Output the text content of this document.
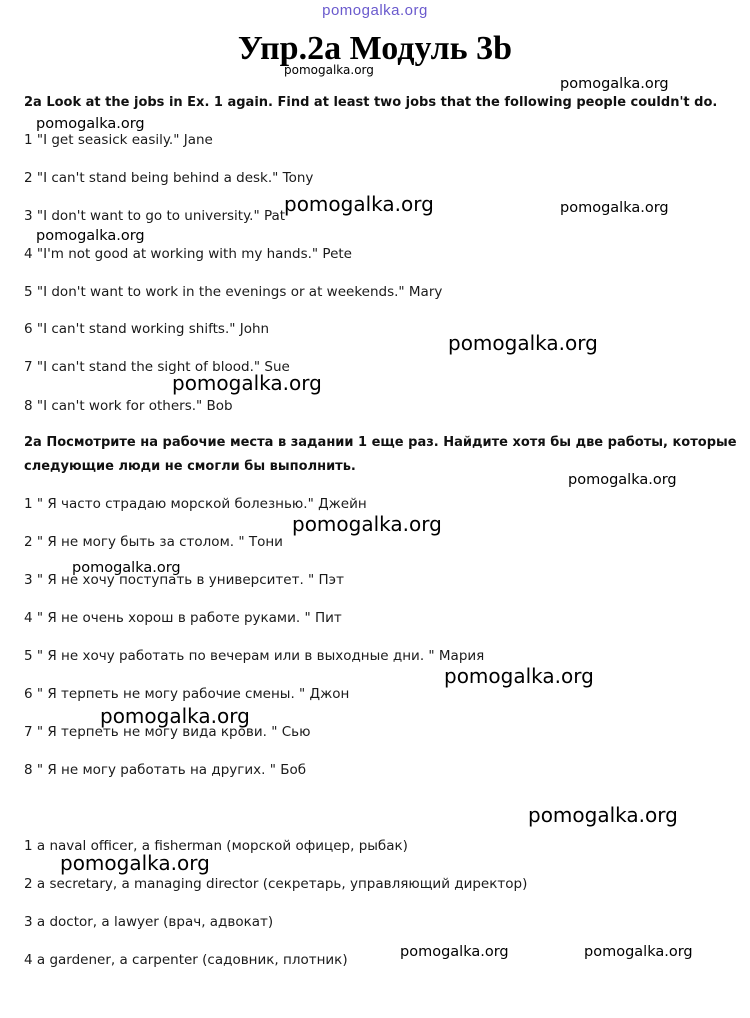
pomogalka.org
Упр.2a Модуль 3b
2a Look at the jobs in Ex. 1 again. Find at least two jobs that the following people couldn't do.
1 "I get seasick easily." Jane
2 "I can't stand being behind a desk." Tony
3 "I don't want to go to university." Pat
4 "I'm not good at working with my hands." Pete
5 "I don't want to work in the evenings or at weekends." Mary
6 "I can't stand working shifts." John
7 "I can't stand the sight of blood." Sue
8 "I can't work for others." Bob
2a Посмотрите на рабочие места в задании 1 еще раз. Найдите хотя бы две работы, которые
следующие люди не смогли бы выполнить.
1 " Я часто страдаю морской болезнью." Джейн
2 " Я не могу быть за столом. " Тони
3 " Я не хочу поступать в университет. " Пэт
4 " Я не очень хорош в работе руками. " Пит
5 " Я не хочу работать по вечерам или в выходные дни. " Мария
6 " Я терпеть не могу рабочие смены. " Джон
7 " Я терпеть не могу вида крови. " Сью
8 " Я не могу работать на других. " Боб
1 a naval officer, a fisherman (морской офицер, рыбак)
2 a secretary, a managing director (секретарь, управляющий директор)
3 a doctor, a lawyer (врач, адвокат)
4 a gardener, a carpenter (садовник, плотник)
pomogalka.org
pomogalka.org
pomogalka.org
pomogalka.org	pomogalka.org
pomogalka.org
pomogalka.org
pomogalka.org
pomogalka.org
pomogalka.org
pomogalka.org
pomogalka.org
pomogalka.org
pomogalka.org
pomogalka.org
pomogalka.org	pomogalka.org
